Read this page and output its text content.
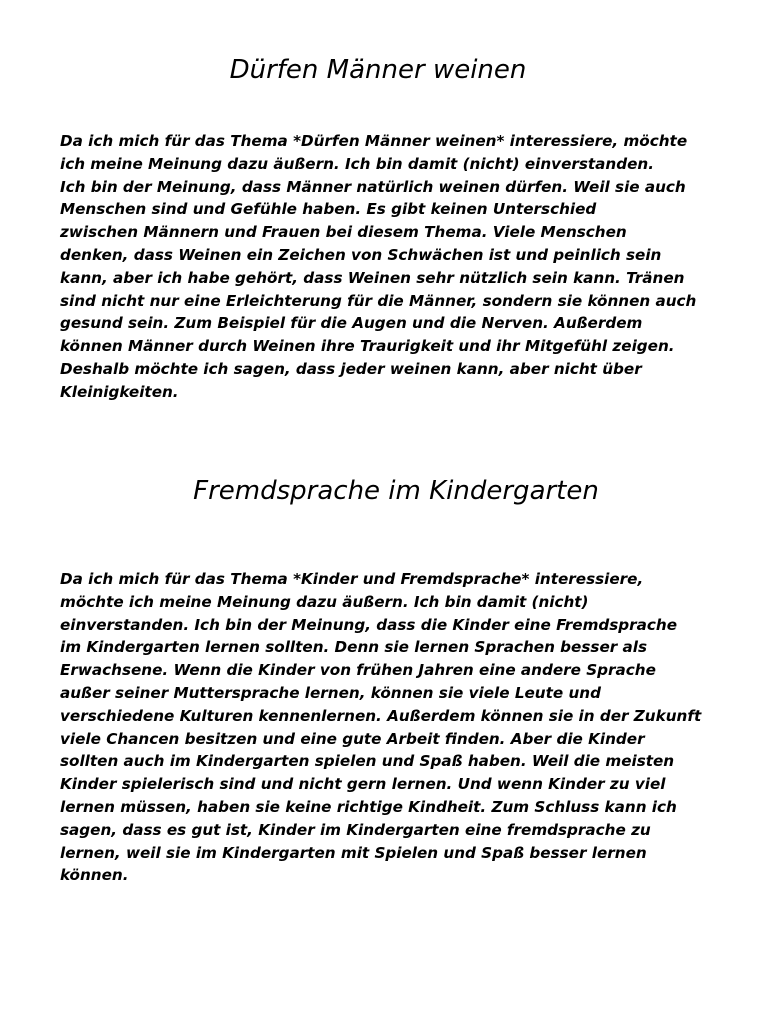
Dürfen Männer weinen
Da ich mich für das Thema *Dürfen Männer weinen* interessiere, möchte
ich meine Meinung dazu äußern. Ich bin damit (nicht) einverstanden.
Ich bin der Meinung, dass Männer natürlich weinen dürfen. Weil sie auch
Menschen sind und Gefühle haben. Es gibt keinen Unterschied
zwischen Männern und Frauen bei diesem Thema. Viele Menschen
denken, dass Weinen ein Zeichen von Schwächen ist und peinlich sein
kann, aber ich habe gehört, dass Weinen sehr nützlich sein kann. Tränen
sind nicht nur eine Erleichterung für die Männer, sondern sie können auch
gesund sein. Zum Beispiel für die Augen und die Nerven. Außerdem
können Männer durch Weinen ihre Traurigkeit und ihr Mitgefühl zeigen.
Deshalb möchte ich sagen, dass jeder weinen kann, aber nicht über
Kleinigkeiten.
Fremdsprache im Kindergarten
Da ich mich für das Thema *Kinder und Fremdsprache* interessiere,
möchte ich meine Meinung dazu äußern. Ich bin damit (nicht)
einverstanden. Ich bin der Meinung, dass die Kinder eine Fremdsprache
im Kindergarten lernen sollten. Denn sie lernen Sprachen besser als
Erwachsene. Wenn die Kinder von frühen Jahren eine andere Sprache
außer seiner Muttersprache lernen, können sie viele Leute und
verschiedene Kulturen kennenlernen. Außerdem können sie in der Zukunft
viele Chancen besitzen und eine gute Arbeit finden. Aber die Kinder
sollten auch im Kindergarten spielen und Spaß haben. Weil die meisten
Kinder spielerisch sind und nicht gern lernen. Und wenn Kinder zu viel
lernen müssen, haben sie keine richtige Kindheit. Zum Schluss kann ich
sagen, dass es gut ist, Kinder im Kindergarten eine fremdsprache zu
lernen, weil sie im Kindergarten mit Spielen und Spaß besser lernen
können.
